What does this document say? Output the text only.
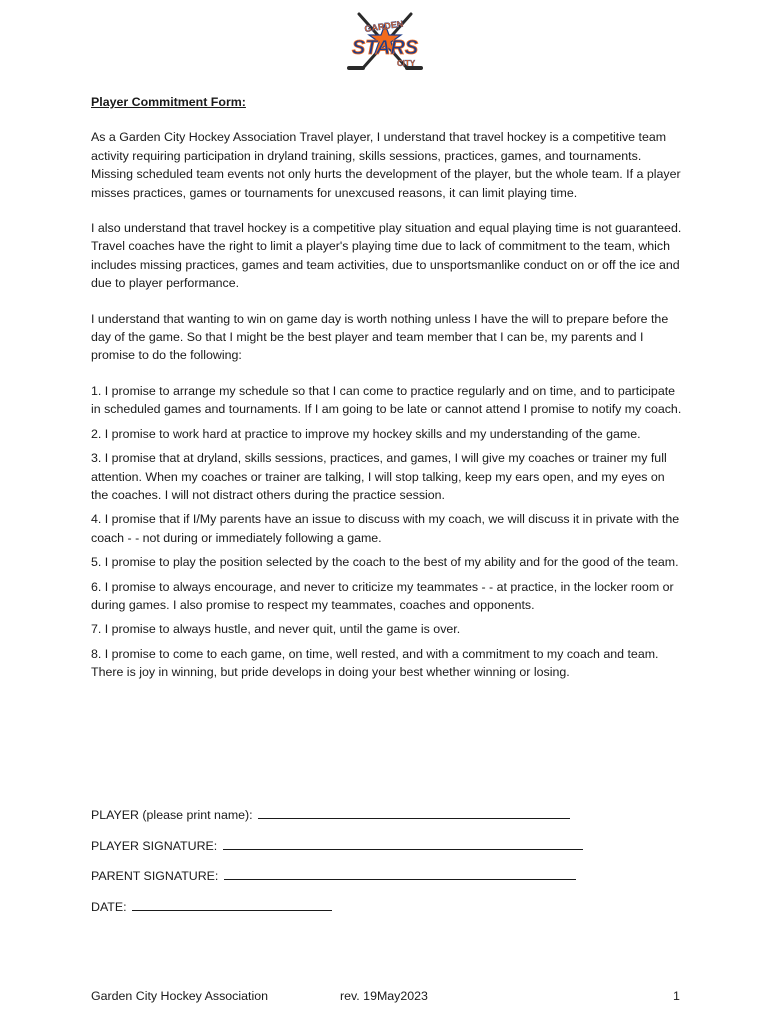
GARDEN
STARS
CITY
Player Commitment Form:

As a Garden City Hockey Association Travel player, I understand that travel hockey is a competitive team activity requiring participation in dryland training, skills sessions, practices, games, and tournaments. Missing scheduled team events not only hurts the development of the player, but the whole team. If a player misses practices, games or tournaments for unexcused reasons, it can limit playing time.

I also understand that travel hockey is a competitive play situation and equal playing time is not guaranteed. Travel coaches have the right to limit a player's playing time due to lack of commitment to the team, which includes missing practices, games and team activities, due to unsportsmanlike conduct on or off the ice and due to player performance.

I understand that wanting to win on game day is worth nothing unless I have the will to prepare before the day of the game. So that I might be the best player and team member that I can be, my parents and I promise to do the following:

1. I promise to arrange my schedule so that I can come to practice regularly and on time, and to participate in scheduled games and tournaments. If I am going to be late or cannot attend I promise to notify my coach.
2. I promise to work hard at practice to improve my hockey skills and my understanding of the game.
3. I promise that at dryland, skills sessions, practices, and games, I will give my coaches or trainer my full attention. When my coaches or trainer are talking, I will stop talking, keep my ears open, and my eyes on the coaches. I will not distract others during the practice session.
4. I promise that if I/My parents have an issue to discuss with my coach, we will discuss it in private with the coach - - not during or immediately following a game.
5. I promise to play the position selected by the coach to the best of my ability and for the good of the team.
6. I promise to always encourage, and never to criticize my teammates - - at practice, in the locker room or during games. I also promise to respect my teammates, coaches and opponents.
7. I promise to always hustle, and never quit, until the game is over.
8. I promise to come to each game, on time, well rested, and with a commitment to my coach and team. There is joy in winning, but pride develops in doing your best whether winning or losing.
PLAYER (please print name):
PLAYER SIGNATURE:
PARENT SIGNATURE:
DATE:
Garden City Hockey Association	rev. 19May2023	1
